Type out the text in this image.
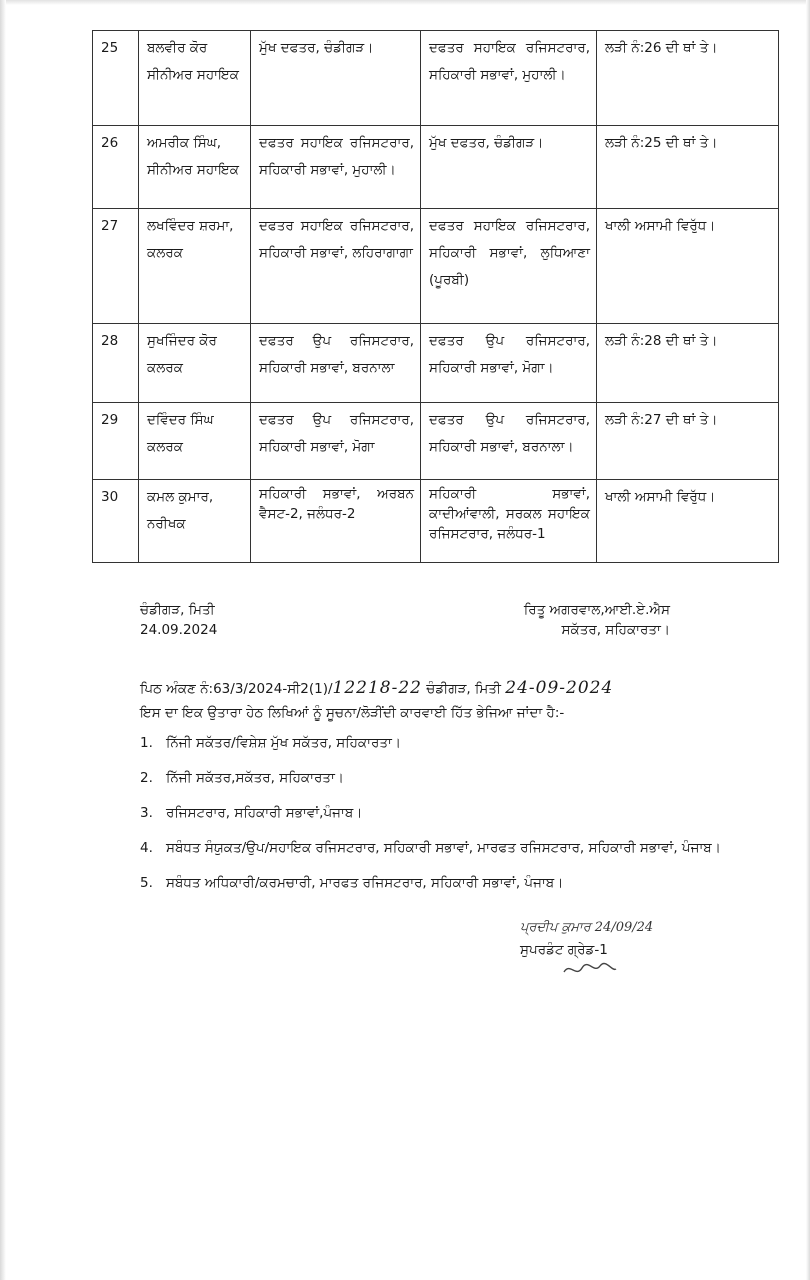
25	ਬਲਵੀਰ ਕੋਰ ਸੀਨੀਅਰ ਸਹਾਇਕ	ਮੁੱਖ ਦਫਤਰ, ਚੰਡੀਗੜ।	ਦਫਤਰ ਸਹਾਇਕ ਰਜਿਸਟਰਾਰ, ਸਹਿਕਾਰੀ ਸਭਾਵਾਂ, ਮੁਹਾਲੀ।	ਲੜੀ ਨੰ:26 ਦੀ ਥਾਂ ਤੇ।
26	ਅਮਰੀਕ ਸਿੰਘ, ਸੀਨੀਅਰ ਸਹਾਇਕ	ਦਫਤਰ ਸਹਾਇਕ ਰਜਿਸਟਰਾਰ, ਸਹਿਕਾਰੀ ਸਭਾਵਾਂ, ਮੁਹਾਲੀ।	ਮੁੱਖ ਦਫਤਰ, ਚੰਡੀਗੜ।	ਲੜੀ ਨੰ:25 ਦੀ ਥਾਂ ਤੇ।
27	ਲਖਵਿੰਦਰ ਸ਼ਰਮਾ, ਕਲਰਕ	ਦਫਤਰ ਸਹਾਇਕ ਰਜਿਸਟਰਾਰ, ਸਹਿਕਾਰੀ ਸਭਾਵਾਂ, ਲਹਿਰਾਗਾਗਾ	ਦਫਤਰ ਸਹਾਇਕ ਰਜਿਸਟਰਾਰ, ਸਹਿਕਾਰੀ ਸਭਾਵਾਂ, ਲੁਧਿਆਣਾ (ਪੂਰਬੀ)	ਖਾਲੀ ਅਸਾਮੀ ਵਿਰੁੱਧ।
28	ਸੁਖਜਿੰਦਰ ਕੋਰ ਕਲਰਕ	ਦਫਤਰ ਉਪ ਰਜਿਸਟਰਾਰ, ਸਹਿਕਾਰੀ ਸਭਾਵਾਂ, ਬਰਨਾਲਾ	ਦਫਤਰ ਉਪ ਰਜਿਸਟਰਾਰ, ਸਹਿਕਾਰੀ ਸਭਾਵਾਂ, ਮੋਗਾ।	ਲੜੀ ਨੰ:28 ਦੀ ਥਾਂ ਤੇ।
29	ਦਵਿੰਦਰ ਸਿੰਘ ਕਲਰਕ	ਦਫਤਰ ਉਪ ਰਜਿਸਟਰਾਰ, ਸਹਿਕਾਰੀ ਸਭਾਵਾਂ, ਮੋਗਾ	ਦਫਤਰ ਉਪ ਰਜਿਸਟਰਾਰ, ਸਹਿਕਾਰੀ ਸਭਾਵਾਂ, ਬਰਨਾਲਾ।	ਲੜੀ ਨੰ:27 ਦੀ ਥਾਂ ਤੇ।
30	ਕਮਲ ਕੁਮਾਰ, ਨਰੀਖਕ	ਸਹਿਕਾਰੀ ਸਭਾਵਾਂ, ਅਰਬਨ ਵੈਸਟ-2, ਜਲੰਧਰ-2	ਸਹਿਕਾਰੀ ਸਭਾਵਾਂ, ਕਾਦੀਆਂਵਾਲੀ, ਸਰਕਲ ਸਹਾਇਕ ਰਜਿਸਟਰਾਰ, ਜਲੰਧਰ-1	ਖਾਲੀ ਅਸਾਮੀ ਵਿਰੁੱਧ।
ਚੰਡੀਗੜ, ਮਿਤੀ
24.09.2024
ਰਿਤੂ ਅਗਰਵਾਲ,ਆਈ.ਏ.ਐਸ
ਸਕੱਤਰ, ਸਹਿਕਾਰਤਾ।
ਪਿਠ ਅੰਕਣ ਨੰ:63/3/2024-ਸੀ2(1)/12218-22 ਚੰਡੀਗੜ, ਮਿਤੀ 24-09-2024
ਇਸ ਦਾ ਇਕ ਉਤਾਰਾ ਹੇਠ ਲਿਖਿਆਂ ਨੂੰ ਸੂਚਨਾ/ਲੋੜੀਂਦੀ ਕਾਰਵਾਈ ਹਿੱਤ ਭੇਜਿਆ ਜਾਂਦਾ ਹੈ:-
1. ਨਿੱਜੀ ਸਕੱਤਰ/ਵਿਸ਼ੇਸ਼ ਮੁੱਖ ਸਕੱਤਰ, ਸਹਿਕਾਰਤਾ।
2. ਨਿੱਜੀ ਸਕੱਤਰ,ਸਕੱਤਰ, ਸਹਿਕਾਰਤਾ।
3. ਰਜਿਸਟਰਾਰ, ਸਹਿਕਾਰੀ ਸਭਾਵਾਂ,ਪੰਜਾਬ।
4. ਸਬੰਧਤ ਸੰਯੁਕਤ/ਉਪ/ਸਹਾਇਕ ਰਜਿਸਟਰਾਰ, ਸਹਿਕਾਰੀ ਸਭਾਵਾਂ, ਮਾਰਫਤ ਰਜਿਸਟਰਾਰ, ਸਹਿਕਾਰੀ ਸਭਾਵਾਂ, ਪੰਜਾਬ।
5. ਸਬੰਧਤ ਅਧਿਕਾਰੀ/ਕਰਮਚਾਰੀ, ਮਾਰਫਤ ਰਜਿਸਟਰਾਰ, ਸਹਿਕਾਰੀ ਸਭਾਵਾਂ, ਪੰਜਾਬ।
ਪ੍ਰਦੀਪ ਕੁਮਾਰ 24/09/24
ਸੁਪਰਡੰਟ ਗ੍ਰੇਡ-1
